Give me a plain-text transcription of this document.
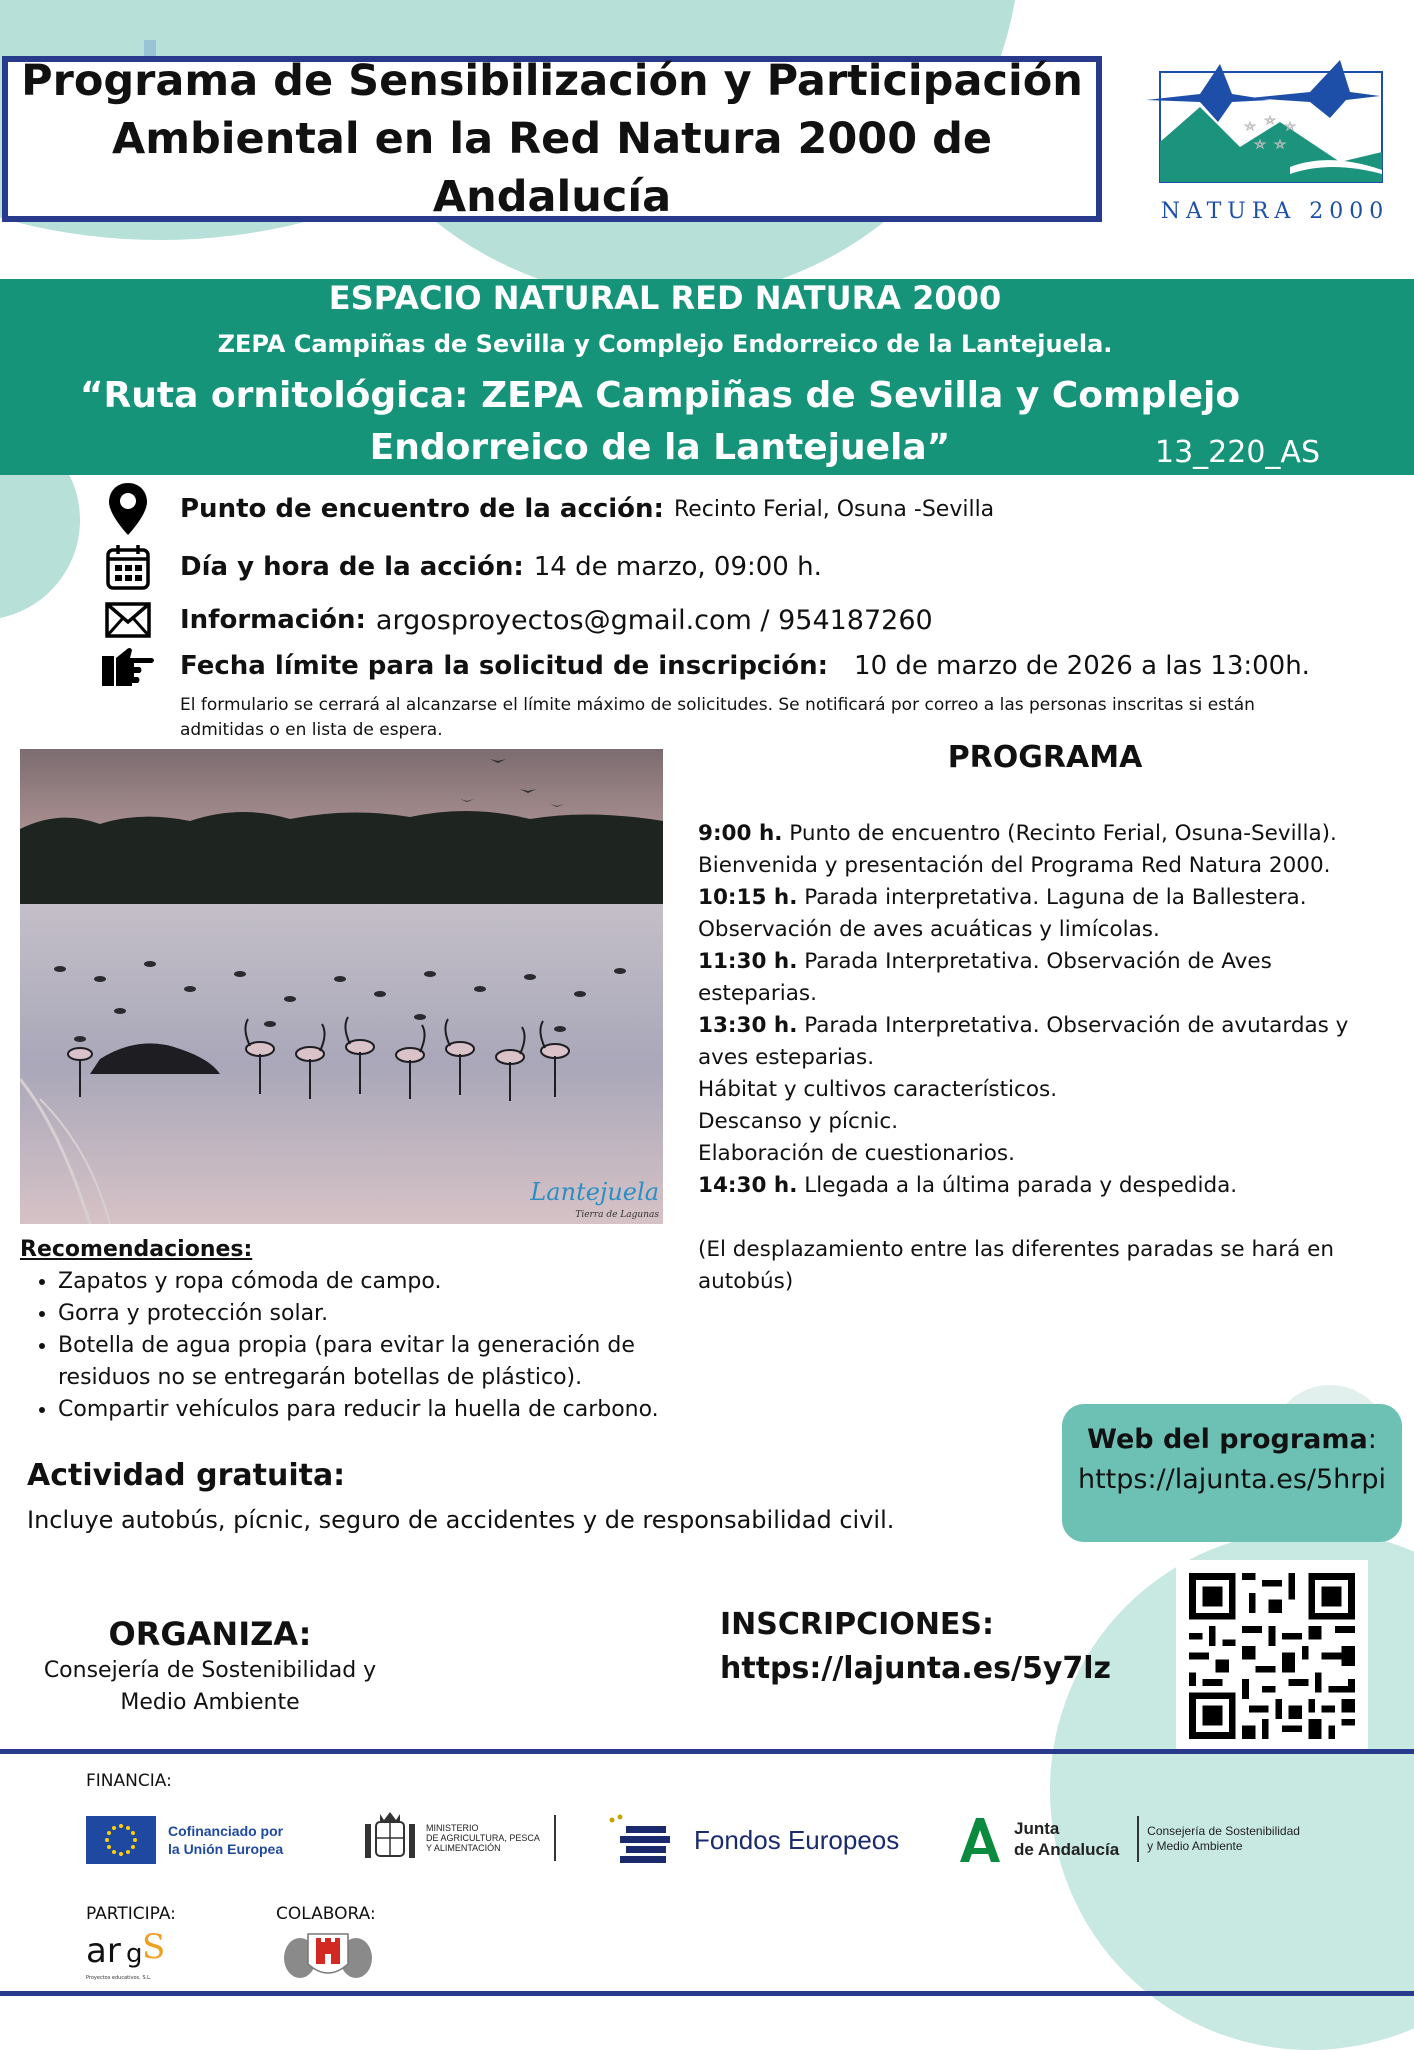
Programa de Sensibilización y Participación
Ambiental en la Red Natura 2000 de Andalucía	NATURA 2000
ESPACIO NATURAL RED NATURA 2000
ZEPA Campiñas de Sevilla y Complejo Endorreico de la Lantejuela.
“Ruta ornitológica: ZEPA Campiñas de Sevilla y Complejo
Endorreico de la Lantejuela”	13_220_AS
Punto de encuentro de la acción: Recinto Ferial, Osuna -Sevilla
Día y hora de la acción: 14 de marzo, 09:00 h.
Información: argosproyectos@gmail.com / 954187260
Fecha límite para la solicitud de inscripción: 10 de marzo de 2026 a las 13:00h.
El formulario se cerrará al alcanzarse el límite máximo de solicitudes. Se notificará por correo a las personas inscritas si están admitidas o en lista de espera.
Lantejuela
Tierra de Lagunas
PROGRAMA

9:00 h. Punto de encuentro (Recinto Ferial, Osuna-Sevilla). Bienvenida y presentación del Programa Red Natura 2000.

10:15 h. Parada interpretativa. Laguna de la Ballestera. Observación de aves acuáticas y limícolas.

11:30 h. Parada Interpretativa. Observación de Aves esteparias.

13:30 h. Parada Interpretativa. Observación de avutardas y aves esteparias.

Hábitat y cultivos característicos.

Descanso y pícnic.

Elaboración de cuestionarios.

14:30 h. Llegada a la última parada y despedida.

(El desplazamiento entre las diferentes paradas se hará en autobús)

Recomendaciones:
• Zapatos y ropa cómoda de campo.
• Gorra y protección solar.
• Botella de agua propia (para evitar la generación de residuos no se entregarán botellas de plástico).
• Compartir vehículos para reducir la huella de carbono.
Actividad gratuita:
Incluye autobús, pícnic, seguro de accidentes y de responsabilidad civil.
Web del programa:
https://lajunta.es/5hrpi
ORGANIZA:
Consejería de Sostenibilidad y Medio Ambiente
INSCRIPCIONES:
https://lajunta.es/5y7lz
FINANCIA:
Cofinanciado por
la Unión Europea
MINISTERIO
DE AGRICULTURA, PESCA
Y ALIMENTACIÓN	Fondos Europeos	Junta
de Andalucía
Consejería de Sostenibilidad
y Medio Ambiente
PARTICIPA:	COLABORA:
ar g S
Proyectos educativos, S.L.
